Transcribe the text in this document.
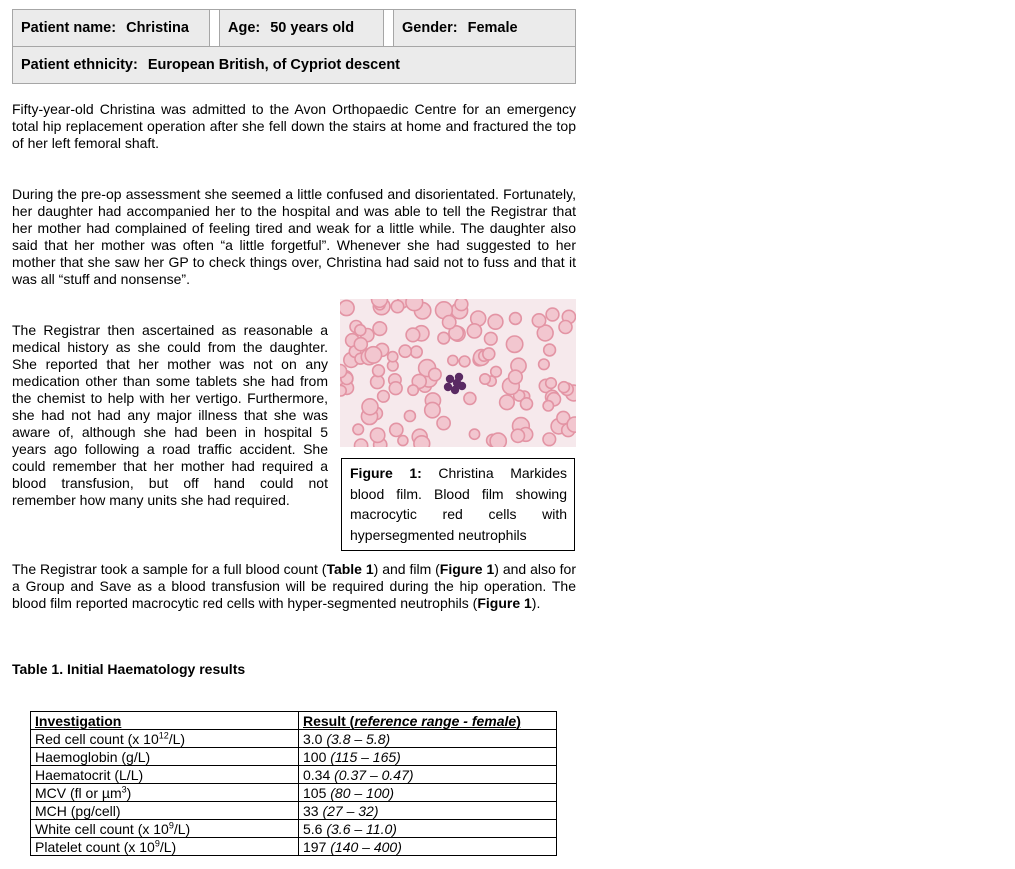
Patient name: Christina	Age: 50 years old	Gender: Female
Patient ethnicity: European British, of Cypriot descent

Fifty-year-old Christina was admitted to the Avon Orthopaedic Centre for an emergency total hip replacement operation after she fell down the stairs at home and fractured the top of her left femoral shaft.

During the pre-op assessment she seemed a little confused and disorientated. Fortunately, her daughter had accompanied her to the hospital and was able to tell the Registrar that her mother had complained of feeling tired and weak for a little while. The daughter also said that her mother was often “a little forgetful”. Whenever she had suggested to her mother that she saw her GP to check things over, Christina had said not to fuss and that it was all “stuff and nonsense”.

The Registrar then ascertained as reasonable a medical history as she could from the daughter. She reported that her mother was not on any medication other than some tablets she had from the chemist to help with her vertigo. Furthermore, she had not had any major illness that she was aware of, although she had been in hospital 5 years ago following a road traffic accident. She could remember that her mother had required a blood transfusion, but off hand could not remember how many units she had required.

Figure 1: Christina Markides blood film. Blood film showing macrocytic red cells with hypersegmented neutrophils

The Registrar took a sample for a full blood count (Table 1) and film (Figure 1) and also for a Group and Save as a blood transfusion will be required during the hip operation. The blood film reported macrocytic red cells with hyper-segmented neutrophils (Figure 1).

Table 1. Initial Haematology results

Investigation	Result (reference range - female)
Red cell count (x $10^{12}/L$)	3.0 (3.8 – 5.8)
Haemoglobin (g/L)	100 (115 – 165)
Haematocrit (L/L)	0.34 (0.37 – 0.47)
MCV (fl or µm$^3$)	105 (80 – 100)
MCH (pg/cell)	33 (27 – 32)
White cell count (x $10^9/L$)	5.6 (3.6 – 11.0)
Platelet count (x $10^9/L$)	197 (140 – 400)
